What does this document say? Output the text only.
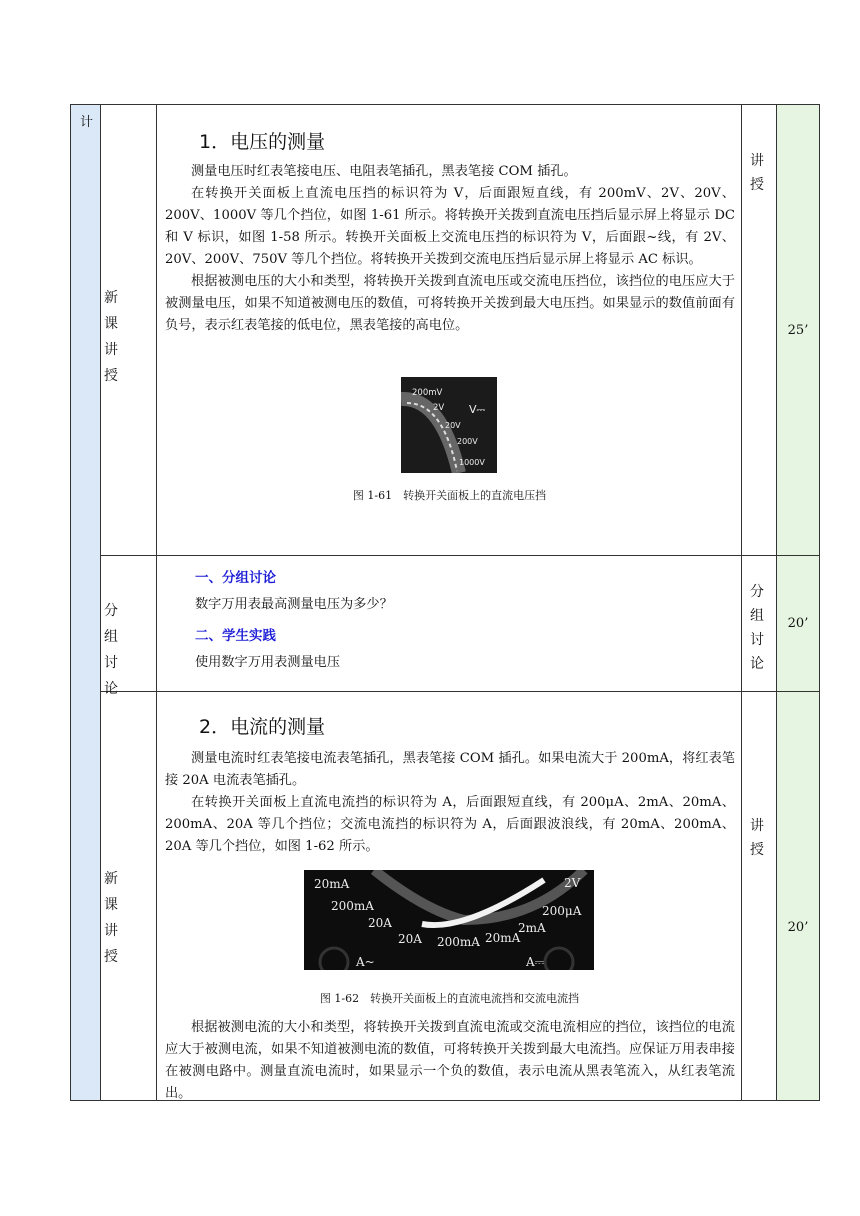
计
新 课 讲 授
1．电压的测量
测量电压时红表笔接电压、电阻表笔插孔，黑表笔接 COM 插孔。
在转换开关面板上直流电压挡的标识符为 V，后面跟短直线，有 200mV、2V、20V、200V、1000V 等几个挡位，如图 1-61 所示。将转换开关拨到直流电压挡后显示屏上将显示 DC 和 V 标识，如图 1-58 所示。转换开关面板上交流电压挡的标识符为 V，后面跟~线，有 2V、20V、200V、750V 等几个挡位。将转换开关拨到交流电压挡后显示屏上将显示 AC 标识。
根据被测电压的大小和类型，将转换开关拨到直流电压或交流电压挡位，该挡位的电压应大于被测量电压，如果不知道被测电压的数值，可将转换开关拨到最大电压挡。如果显示的数值前面有负号，表示红表笔接的低电位，黑表笔接的高电位。
200mV
2V
20V
200V
1000V
V⎓
图 1-61　转换开关面板上的直流电压挡
讲授
25’
分 组 讨 论
一、分组讨论
数字万用表最高测量电压为多少？
二、学生实践
使用数字万用表测量电压
分组讨论
20’
新 课 讲 授
2．电流的测量
测量电流时红表笔接电流表笔插孔，黑表笔接 COM 插孔。如果电流大于 200mA，将红表笔接 20A 电流表笔插孔。
在转换开关面板上直流电流挡的标识符为 A，后面跟短直线，有 200μA、2mA、20mA、200mA、20A 等几个挡位；交流电流挡的标识符为 A，后面跟波浪线，有 20mA、200mA、20A 等几个挡位，如图 1-62 所示。
20mA
200mA
20A
20A 200mA 20mA
2mA
200μA
2V
A~	A⎓
图 1-62　转换开关面板上的直流电流挡和交流电流挡
根据被测电流的大小和类型，将转换开关拨到直流电流或交流电流相应的挡位，该挡位的电流应大于被测电流，如果不知道被测电流的数值，可将转换开关拨到最大电流挡。应保证万用表串接在被测电路中。测量直流电流时，如果显示一个负的数值，表示电流从黑表笔流入，从红表笔流出。
讲授
20’
